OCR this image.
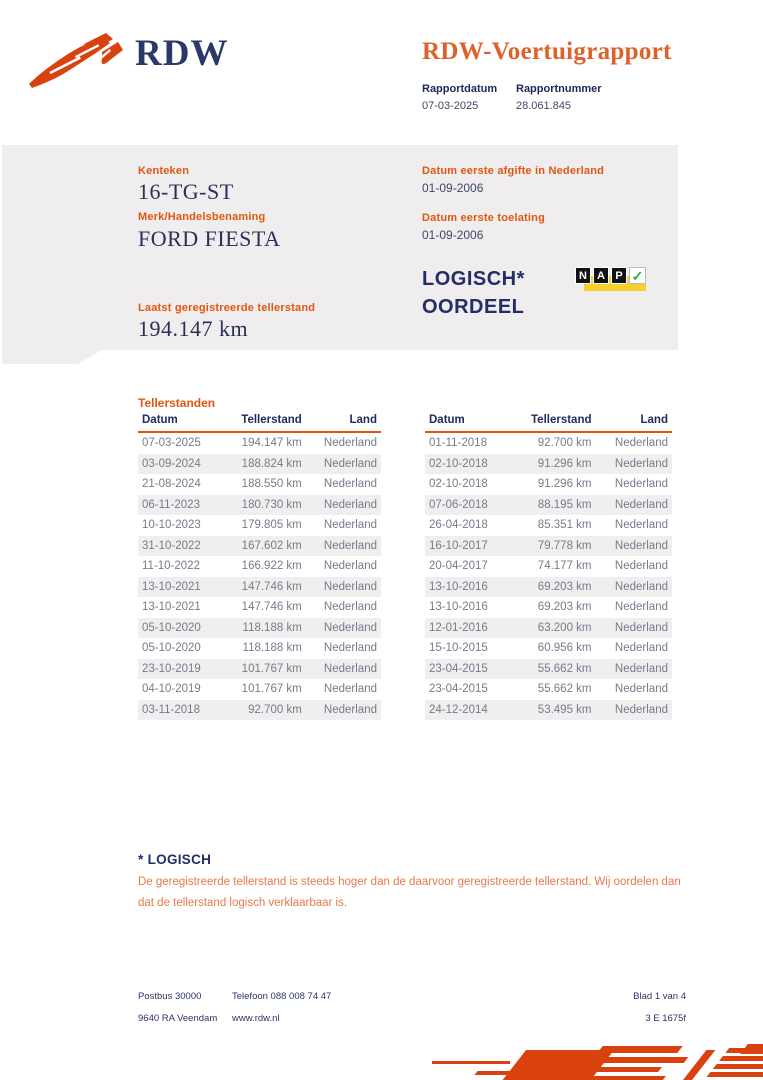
RDW	RDW-Voertuigrapport
Rapportdatum Rapportnummer
07-03-2025	28.061.845
Kenteken
16-TG-ST
Merk/Handelsbenaming
FORD FIESTA
Laatst geregistreerde tellerstand
194.147 km
Datum eerste afgifte in Nederland
01-09-2006
Datum eerste toelating
01-09-2006
LOGISCH*
OORDEEL
N A P ✓
Tellerstanden
Datum	Tellerstand	Land
07-03-2025	194.147 km	Nederland
03-09-2024	188.824 km	Nederland
21-08-2024	188.550 km	Nederland
06-11-2023	180.730 km	Nederland
10-10-2023	179.805 km	Nederland
31-10-2022	167.602 km	Nederland
11-10-2022	166.922 km	Nederland
13-10-2021	147.746 km	Nederland
13-10-2021	147.746 km	Nederland
05-10-2020	118.188 km	Nederland
05-10-2020	118.188 km	Nederland
23-10-2019	101.767 km	Nederland
04-10-2019	101.767 km	Nederland
03-11-2018	92.700 km	Nederland
Datum	Tellerstand	Land
01-11-2018	92.700 km	Nederland
02-10-2018	91.296 km	Nederland
02-10-2018	91.296 km	Nederland
07-06-2018	88.195 km	Nederland
26-04-2018	85.351 km	Nederland
16-10-2017	79.778 km	Nederland
20-04-2017	74.177 km	Nederland
13-10-2016	69.203 km	Nederland
13-10-2016	69.203 km	Nederland
12-01-2016	63.200 km	Nederland
15-10-2015	60.956 km	Nederland
23-04-2015	55.662 km	Nederland
23-04-2015	55.662 km	Nederland
24-12-2014	53.495 km	Nederland
* LOGISCH
De geregistreerde tellerstand is steeds hoger dan de daarvoor geregistreerde tellerstand. Wij oordelen dan dat de tellerstand logisch verklaarbaar is.
Postbus 30000
9640 RA Veendam
Telefoon 088 008 74 47
www.rdw.nl
Blad 1 van 4
3 E 1675f
